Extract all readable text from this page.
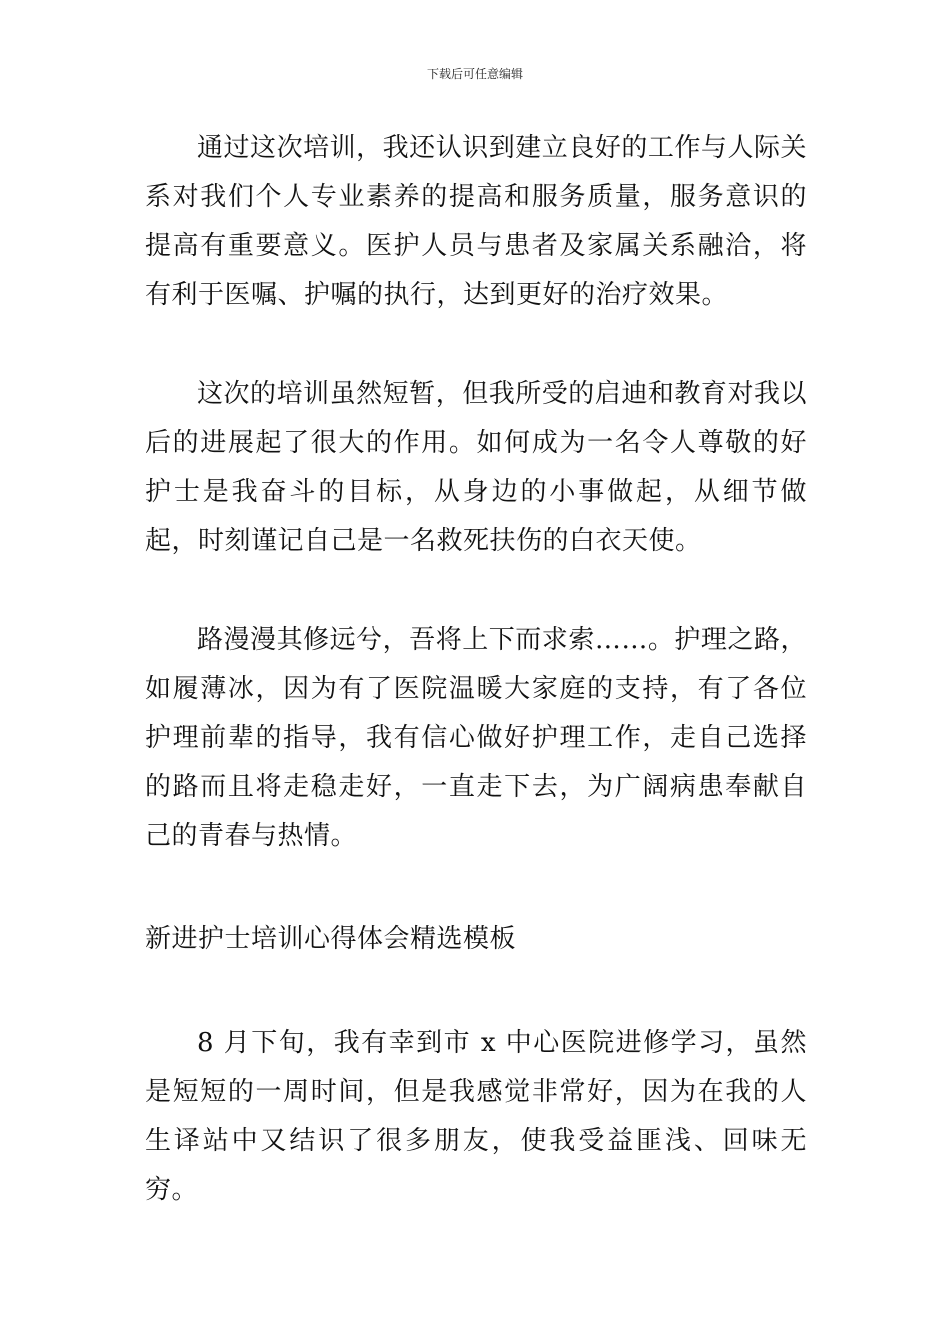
下载后可任意编辑

通过这次培训，我还认识到建立良好的工作与人际关系对我们个人专业素养的提高和服务质量，服务意识的提高有重要意义。医护人员与患者及家属关系融洽，将有利于医嘱、护嘱的执行，达到更好的治疗效果。

这次的培训虽然短暂，但我所受的启迪和教育对我以后的进展起了很大的作用。如何成为一名令人尊敬的好护士是我奋斗的目标，从身边的小事做起，从细节做起，时刻谨记自己是一名救死扶伤的白衣天使。

路漫漫其修远兮，吾将上下而求索……。护理之路，如履薄冰，因为有了医院温暖大家庭的支持，有了各位护理前辈的指导，我有信心做好护理工作，走自己选择的路而且将走稳走好，一直走下去，为广阔病患奉献自己的青春与热情。

新进护士培训心得体会精选模板

8 月下旬，我有幸到市 x 中心医院进修学习，虽然是短短的一周时间，但是我感觉非常好，因为在我的人生译站中又结识了很多朋友，使我受益匪浅、回味无穷。
